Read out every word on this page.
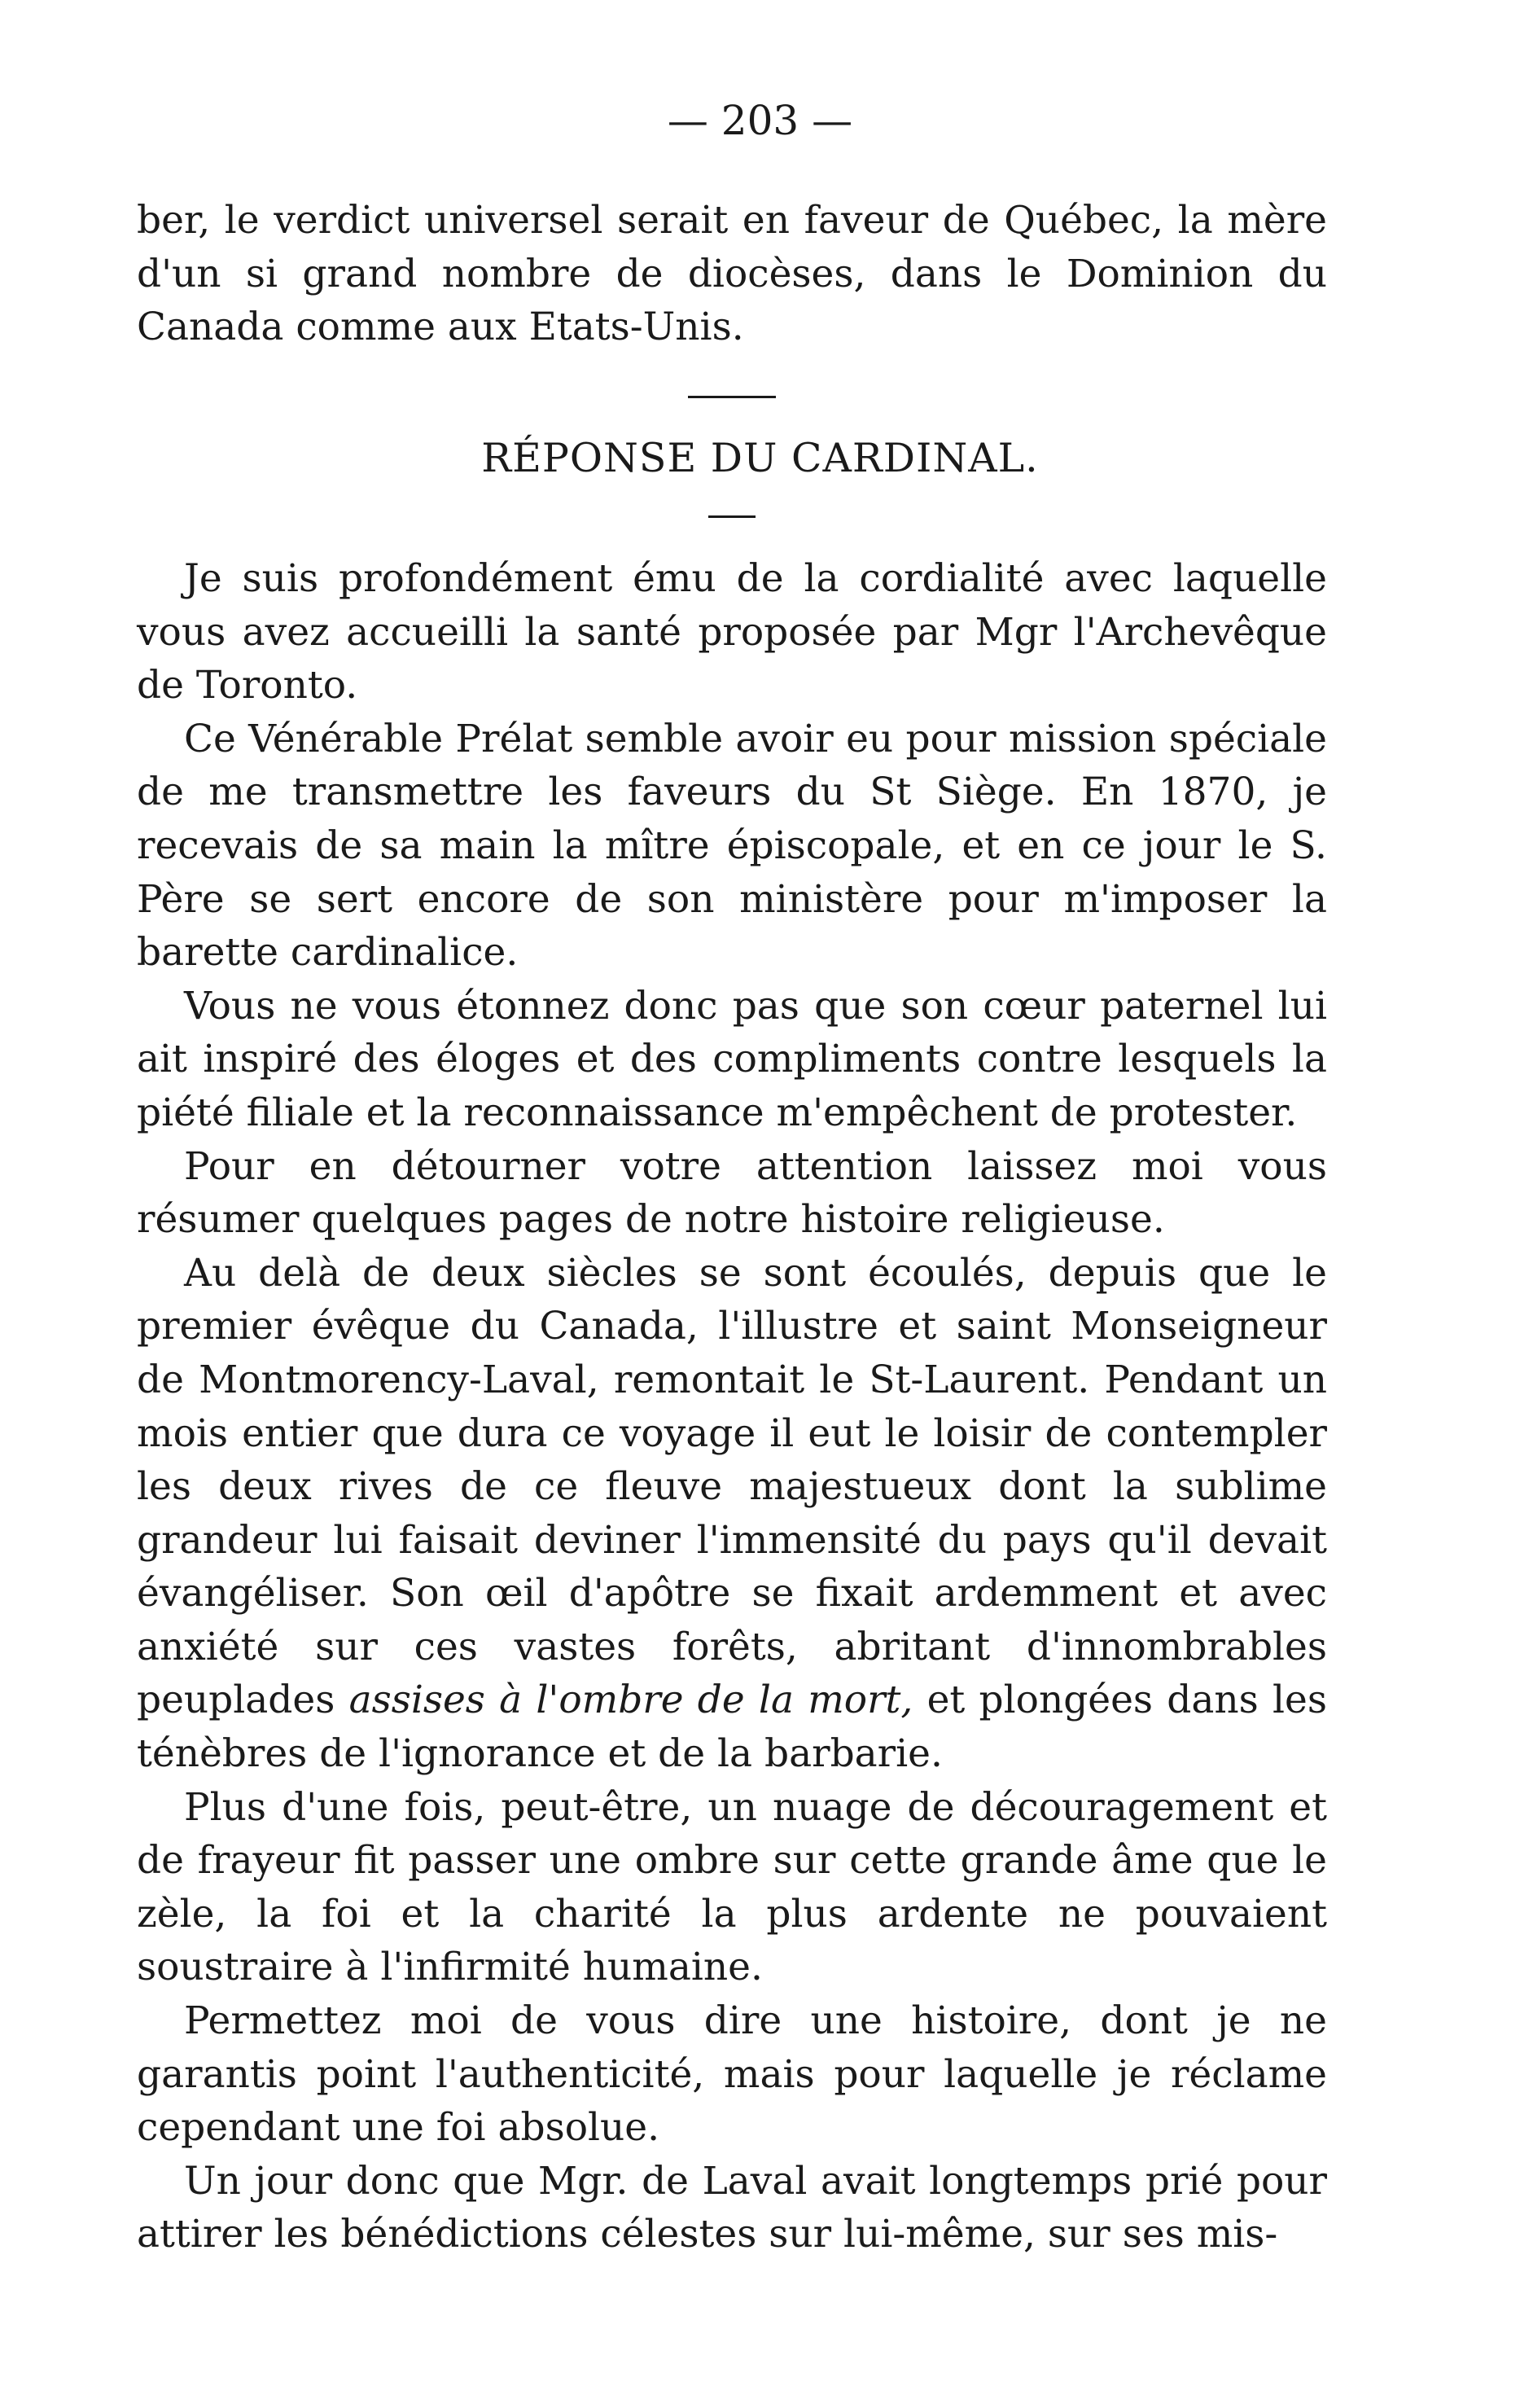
— 203 —

ber, le verdict universel serait en faveur de Québec, la mère d'un si grand nombre de diocèses, dans le Dominion du Canada comme aux Etats-Unis.

RÉPONSE DU CARDINAL.

Je suis profondément ému de la cordialité avec laquelle vous avez accueilli la santé proposée par Mgr l'Archevêque de Toronto.

Ce Vénérable Prélat semble avoir eu pour mission spéciale de me transmettre les faveurs du St Siège. En 1870, je recevais de sa main la mître épiscopale, et en ce jour le S. Père se sert encore de son ministère pour m'imposer la barette cardinalice.

Vous ne vous étonnez donc pas que son cœur paternel lui ait inspiré des éloges et des compliments contre lesquels la piété filiale et la reconnaissance m'empêchent de protester.

Pour en détourner votre attention laissez moi vous résumer quelques pages de notre histoire religieuse.

Au delà de deux siècles se sont écoulés, depuis que le premier évêque du Canada, l'illustre et saint Monseigneur de Montmorency-Laval, remontait le St-Laurent. Pendant un mois entier que dura ce voyage il eut le loisir de contempler les deux rives de ce fleuve majestueux dont la sublime grandeur lui faisait deviner l'immensité du pays qu'il devait évangéliser. Son œil d'apôtre se fixait ardemment et avec anxiété sur ces vastes forêts, abritant d'innombrables peuplades assises à l'ombre de la mort, et plongées dans les ténèbres de l'ignorance et de la barbarie.

Plus d'une fois, peut-être, un nuage de découragement et de frayeur fit passer une ombre sur cette grande âme que le zèle, la foi et la charité la plus ardente ne pouvaient soustraire à l'infirmité humaine.

Permettez moi de vous dire une histoire, dont je ne garantis point l'authenticité, mais pour laquelle je réclame cependant une foi absolue.

Un jour donc que Mgr. de Laval avait longtemps prié pour attirer les bénédictions célestes sur lui-même, sur ses mis-
